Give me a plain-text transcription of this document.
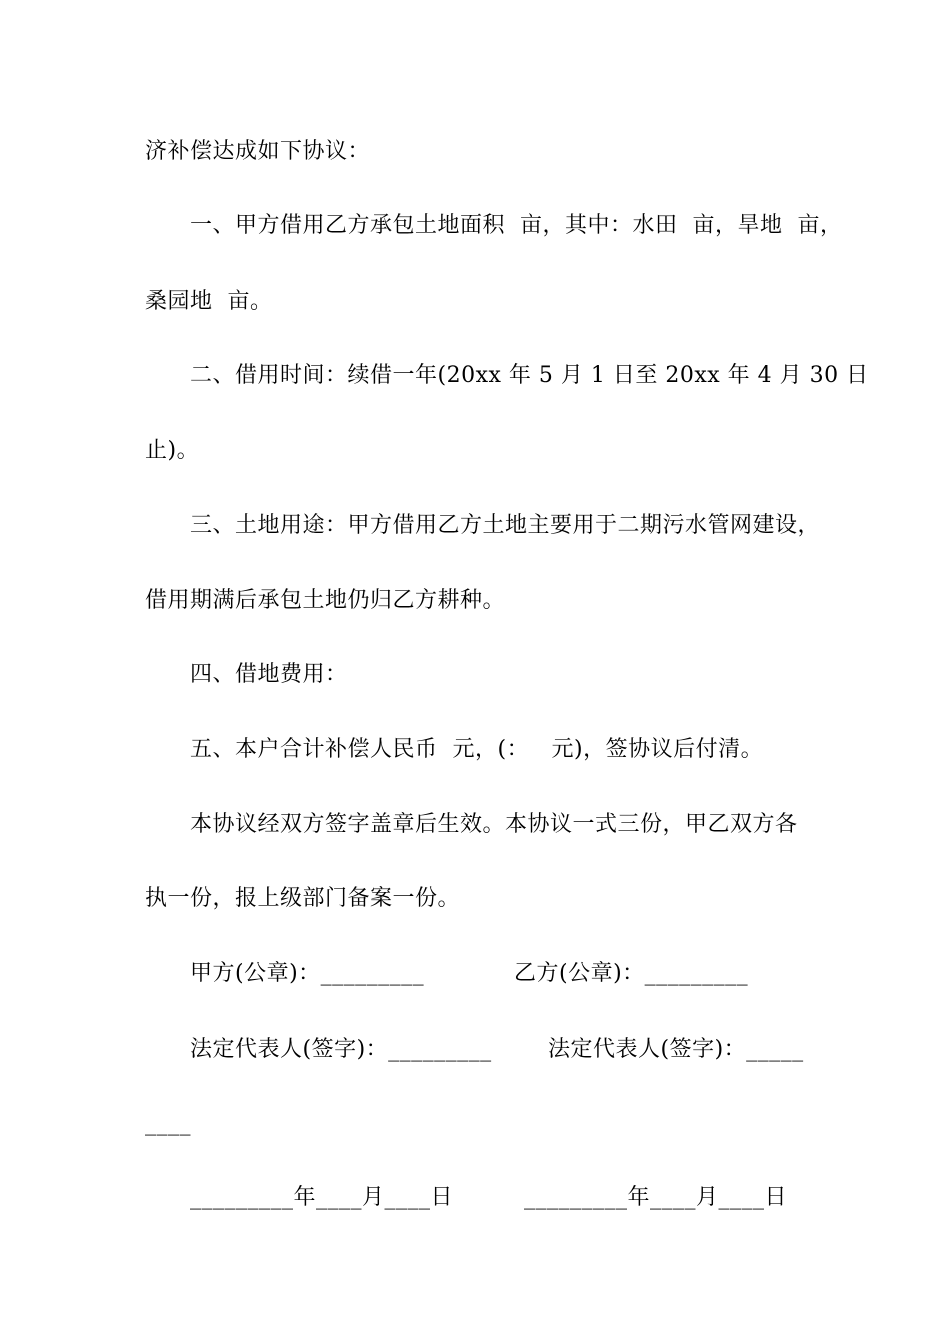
济补偿达成如下协议：
一、甲方借用乙方承包土地面积  亩，其中：水田  亩，旱地  亩，
桑园地  亩。
二、借用时间：续借一年(20xx 年 5 月 1 日至 20xx 年 4 月 30 日
止)。
三、土地用途：甲方借用乙方土地主要用于二期污水管网建设，
借用期满后承包土地仍归乙方耕种。
四、借地费用：
五、本户合计补偿人民币  元，(：   元)，签协议后付清。
本协议经双方签字盖章后生效。本协议一式三份，甲乙双方各
执一份，报上级部门备案一份。
甲方(公章)：_________	乙方(公章)：_________
法定代表人(签字)：_________	法定代表人(签字)：_____
____
_________年____月____日	_________年____月____日
